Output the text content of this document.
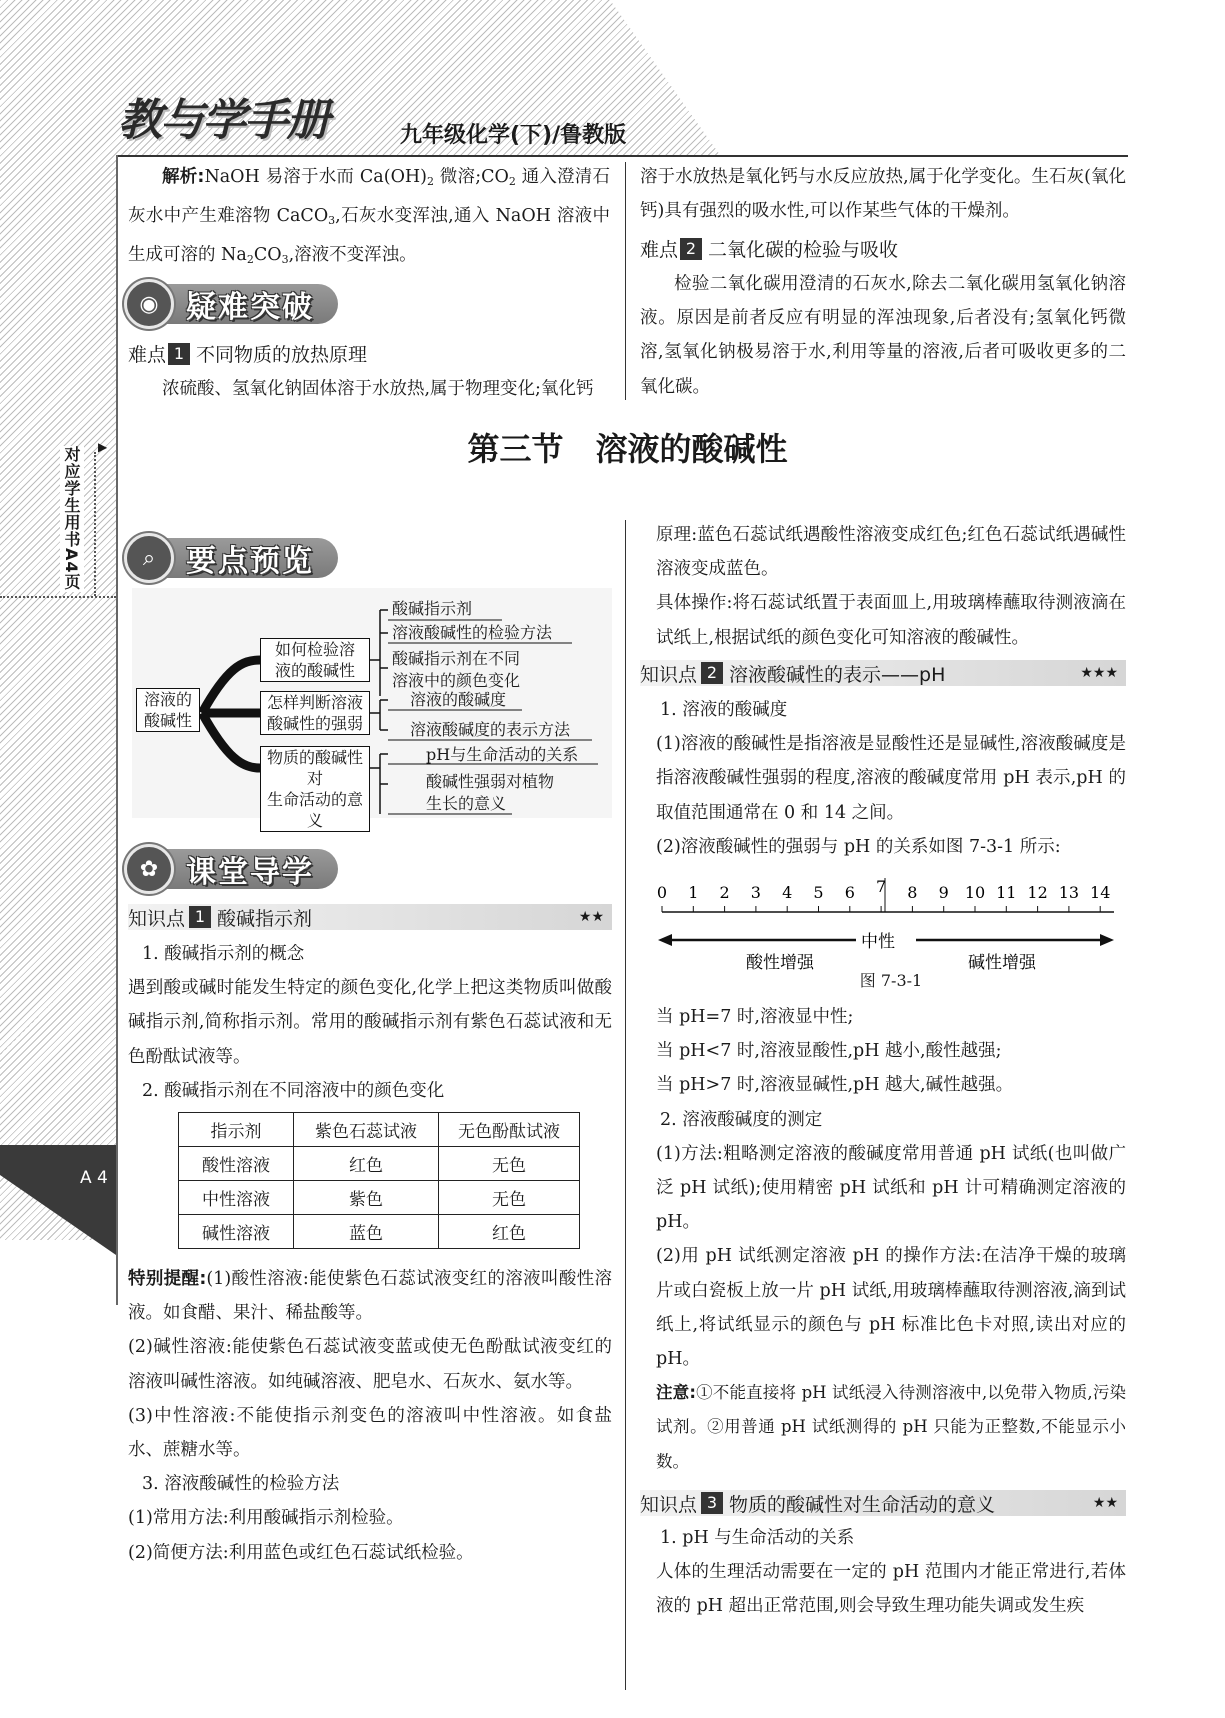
A 4
对应学生用书A4页 ▶
教与学手册	九年级化学(下)/鲁教版

解析:NaOH 易溶于水而 $Ca(OH)_2$ 微溶$;CO_2$ 通入澄清石灰水中产生难溶物 CaCO$_3$,石灰水变浑浊,通入 NaOH 溶液中生成可溶的 $Na_2CO_3$,溶液不变浑浊。

◉ 疑难突破
难点 1 不同物质的放热原理

浓硫酸、氢氧化钠固体溶于水放热,属于物理变化;氧化钙

溶于水放热是氧化钙与水反应放热,属于化学变化。生石灰(氧化钙)具有强烈的吸水性,可以作某些气体的干燥剂。

难点 2 二氧化碳的检验与吸收

检验二氧化碳用澄清的石灰水,除去二氧化碳用氢氧化钠溶液。原因是前者反应有明显的浑浊现象,后者没有;氢氧化钙微溶,氢氧化钠极易溶于水,利用等量的溶液,后者可吸收更多的二氧化碳。

第三节　溶液的酸碱性
⌕	要点预览
溶液的
酸碱性
如何检验溶
液的酸碱性
怎样判断溶液
酸碱性的强弱
物质的酸碱性对
生命活动的意义
酸碱指示剂
溶液酸碱性的检验方法
酸碱指示剂在不同
溶液中的颜色变化
溶液的酸碱度
溶液酸碱度的表示方法
pH与生命活动的关系
酸碱性强弱对植物
生长的意义
✿ 课堂导学
知识点 1 酸碱指示剂	★★

1. 酸碱指示剂的概念

遇到酸或碱时能发生特定的颜色变化,化学上把这类物质叫做酸碱指示剂,简称指示剂。常用的酸碱指示剂有紫色石蕊试液和无色酚酞试液等。

2. 酸碱指示剂在不同溶液中的颜色变化

指示剂	紫色石蕊试液	无色酚酞试液
酸性溶液	红色	无色
中性溶液	紫色	无色
碱性溶液	蓝色	红色

特别提醒:(1)酸性溶液:能使紫色石蕊试液变红的溶液叫酸性溶液。如食醋、果汁、稀盐酸等。

(2)碱性溶液:能使紫色石蕊试液变蓝或使无色酚酞试液变红的溶液叫碱性溶液。如纯碱溶液、肥皂水、石灰水、氨水等。

(3)中性溶液:不能使指示剂变色的溶液叫中性溶液。如食盐水、蔗糖水等。

3. 溶液酸碱性的检验方法

(1)常用方法:利用酸碱指示剂检验。

(2)简便方法:利用蓝色或红色石蕊试纸检验。

原理:蓝色石蕊试纸遇酸性溶液变成红色;红色石蕊试纸遇碱性溶液变成蓝色。

具体操作:将石蕊试纸置于表面皿上,用玻璃棒蘸取待测液滴在试纸上,根据试纸的颜色变化可知溶液的酸碱性。

知识点 2 溶液酸碱性的表示——pH	★★★

1. 溶液的酸碱度

(1)溶液的酸碱性是指溶液是显酸性还是显碱性,溶液酸碱度是指溶液酸碱性强弱的程度,溶液的酸碱度常用 pH 表示,pH 的取值范围通常在 0 和 14 之间。

(2)溶液酸碱性的强弱与 pH 的关系如图 7-3-1 所示:

0 1 2 3 4 5 6 7 8 9 10 11 12 13 14
酸性增强
中性
碱性增强
图 7-3-1

当 pH=7 时,溶液显中性;

当 pH<7 时,溶液显酸性,pH 越小,酸性越强;

当 pH>7 时,溶液显碱性,pH 越大,碱性越强。

2. 溶液酸碱度的测定

(1)方法:粗略测定溶液的酸碱度常用普通 pH 试纸(也叫做广泛 pH 试纸);使用精密 pH 试纸和 pH 计可精确测定溶液的 pH。

(2)用 pH 试纸测定溶液 pH 的操作方法:在洁净干燥的玻璃片或白瓷板上放一片 pH 试纸,用玻璃棒蘸取待测溶液,滴到试纸上,将试纸显示的颜色与 pH 标准比色卡对照,读出对应的 pH。

注意:①不能直接将 pH 试纸浸入待测溶液中,以免带入物质,污染试剂。②用普通 pH 试纸测得的 pH 只能为正整数,不能显示小数。

知识点 3 物质的酸碱性对生命活动的意义	★★

1. pH 与生命活动的关系

人体的生理活动需要在一定的 pH 范围内才能正常进行,若体液的 pH 超出正常范围,则会导致生理功能失调或发生疾
